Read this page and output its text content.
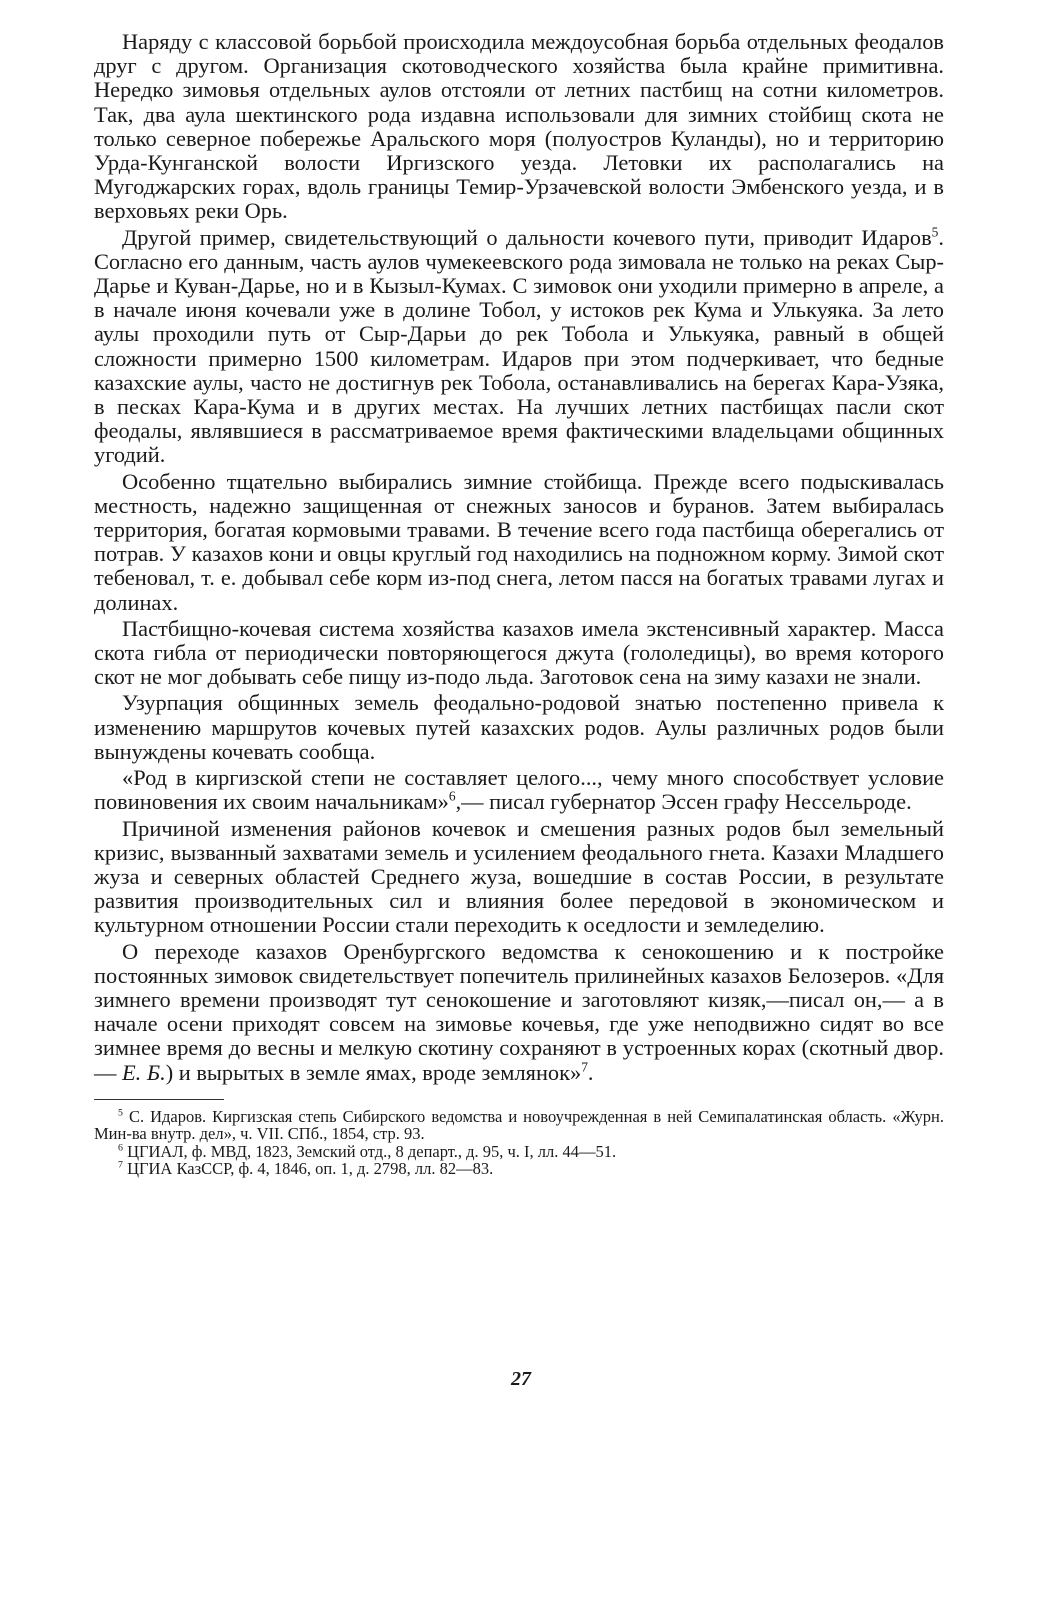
Наряду с классовой борьбой происходила междоусобная борьба отдельных феодалов друг с другом. Организация скотоводческого хозяйства была крайне примитивна. Нередко зимовья отдельных аулов отстояли от летних пастбищ на сотни километров. Так, два аула шектинского рода издавна использовали для зимних стойбищ скота не только северное побережье Аральского моря (полуостров Куланды), но и территорию Урда-Кунганской волости Иргизского уезда. Летовки их располагались на Мугоджарских горах, вдоль границы Темир-Урзачевской волости Эмбенского уезда, и в верховьях реки Орь.

Другой пример, свидетельствующий о дальности кочевого пути, приводит Идаров$^5$. Согласно его данным, часть аулов чумекеевского рода зимовала не только на реках Сыр-Дарье и Куван-Дарье, но и в Кызыл-Кумах. С зимовок они уходили примерно в апреле, а в начале июня кочевали уже в долине Тобол, у истоков рек Кума и Улькуяка. За лето аулы проходили путь от Сыр-Дарьи до рек Тобола и Улькуяка, равный в общей сложности примерно 1500 километрам. Идаров при этом подчеркивает, что бедные казахские аулы, часто не достигнув рек Тобола, останавливались на берегах Кара-Узяка, в песках Кара-Кума и в других местах. На лучших летних пастбищах пасли скот феодалы, являвшиеся в рассматриваемое время фактическими владельцами общинных угодий.

Особенно тщательно выбирались зимние стойбища. Прежде всего подыскивалась местность, надежно защищенная от снежных заносов и буранов. Затем выбиралась территория, богатая кормовыми травами. В течение всего года пастбища оберегались от потрав. У казахов кони и овцы круглый год находились на подножном корму. Зимой скот тебеновал, т. е. добывал себе корм из-под снега, летом пасся на богатых травами лугах и долинах.

Пастбищно-кочевая система хозяйства казахов имела экстенсивный характер. Масса скота гибла от периодически повторяющегося джута (гололедицы), во время которого скот не мог добывать себе пищу из-подо льда. Заготовок сена на зиму казахи не знали.

Узурпация общинных земель феодально-родовой знатью постепенно привела к изменению маршрутов кочевых путей казахских родов. Аулы различных родов были вынуждены кочевать сообща.

«Род в киргизской степи не составляет целого..., чему много способствует условие повиновения их своим начальникам»$^6$,— писал губернатор Эссен графу Нессельроде.

Причиной изменения районов кочевок и смешения разных родов был земельный кризис, вызванный захватами земель и усилением феодального гнета. Казахи Младшего жуза и северных областей Среднего жуза, вошедшие в состав России, в результате развития производительных сил и влияния более передовой в экономическом и культурном отношении России стали переходить к оседлости и земледелию.

О переходе казахов Оренбургского ведомства к сенокошению и к постройке постоянных зимовок свидетельствует попечитель прилинейных казахов Белозеров. «Для зимнего времени производят тут сенокошение и заготовляют кизяк,—писал он,— а в начале осени приходят совсем на зимовье кочевья, где уже неподвижно сидят во все зимнее время до весны и мелкую скотину сохраняют в устроенных корах (скотный двор.— Е. Б.) и вырытых в земле ямах, вроде землянок»$^7$.

$^5$ С. Идаров. Киргизская степь Сибирского ведомства и новоучрежденная в ней Семипалатинская область. «Журн. Мин-ва внутр. дел», ч. VII. СПб., 1854, стр. 93.

$^6$ ЦГИАЛ, ф. МВД, 1823, Земский отд., 8 департ., д. 95, ч. I, лл. 44—51.

$^7$ ЦГИА КазССР, ф. 4, 1846, оп. 1, д. 2798, лл. 82—83.

27
